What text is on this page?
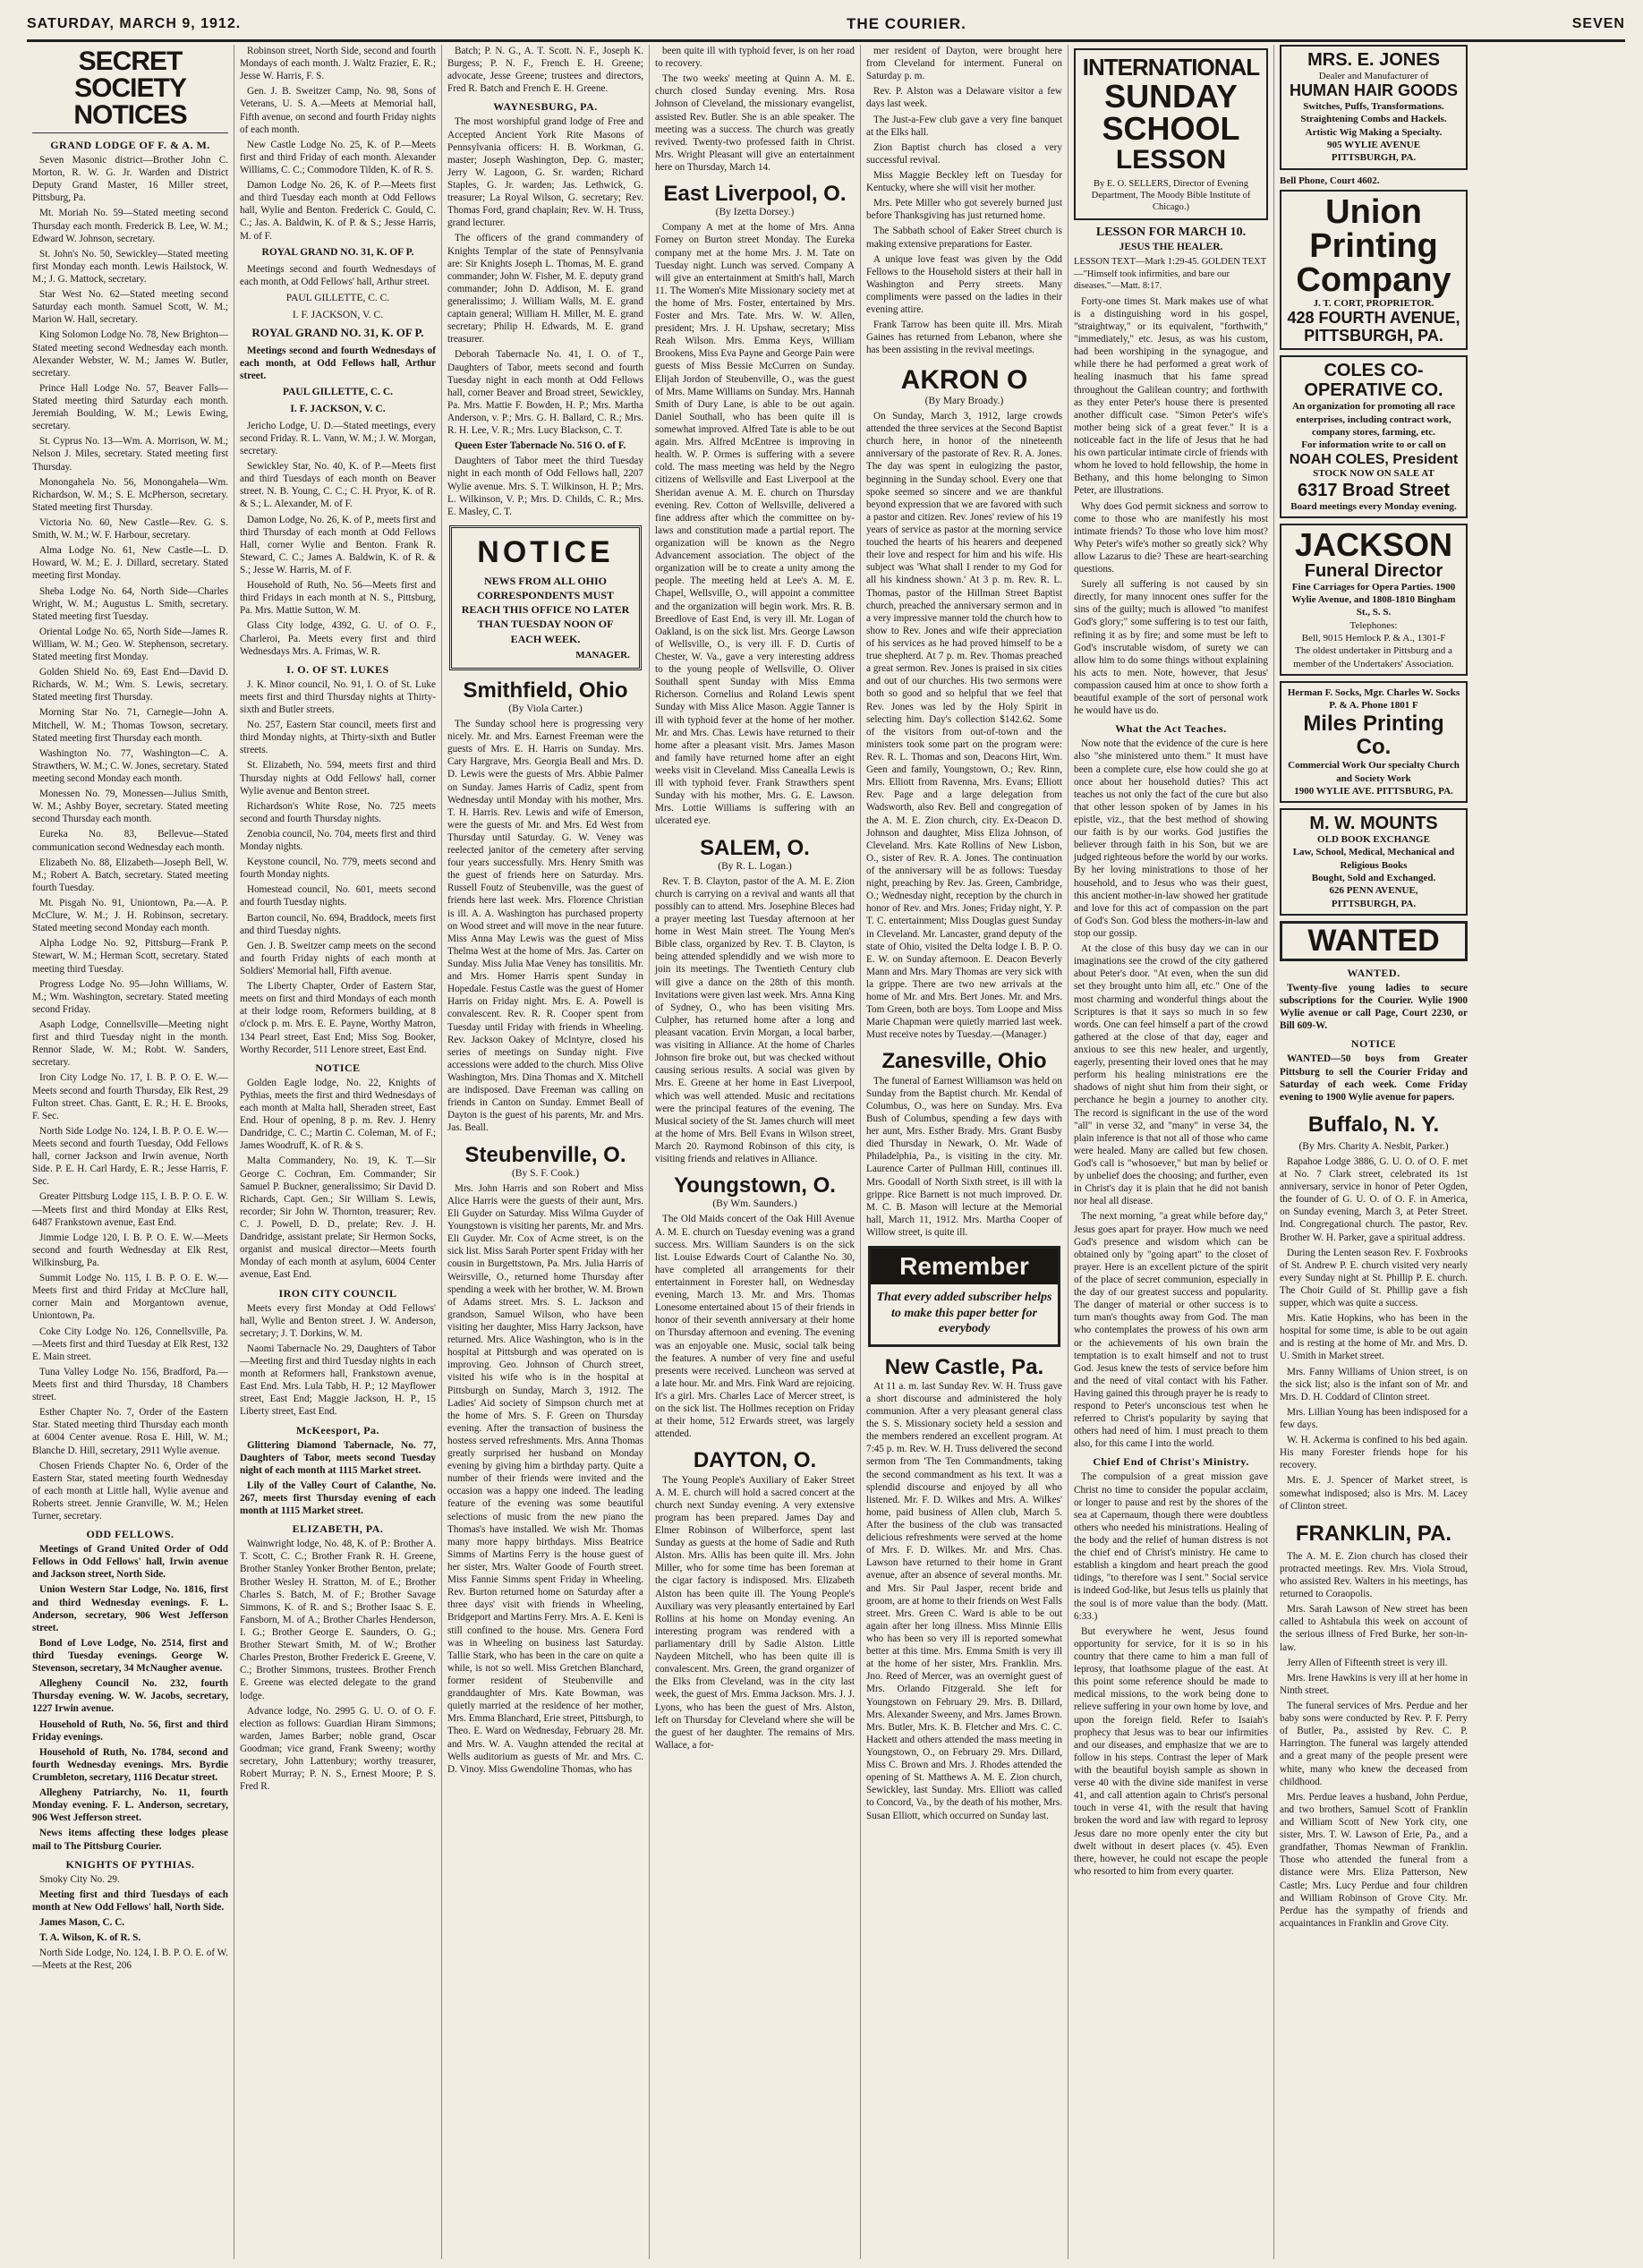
SATURDAY, MARCH 9, 1912.	THE COURIER.	SEVEN
SECRET SOCIETY NOTICES
GRAND LODGE OF F. & A. M.

Seven Masonic district—Brother John C. Morton, R. W. G. Jr. Warden and District Deputy Grand Master, 16 Miller street, Pittsburg, Pa.

Mt. Moriah No. 59—Stated meeting second Thursday each month. Frederick B. Lee, W. M.; Edward W. Johnson, secretary.

St. John's No. 50, Sewickley—Stated meeting first Monday each month. Lewis Hailstock, W. M.; J. G. Mattock, secretary.

Star West No. 62—Stated meeting second Saturday each month. Samuel Scott, W. M.; Marion W. Hall, secretary.

King Solomon Lodge No. 78, New Brighton—Stated meeting second Wednesday each month. Alexander Webster, W. M.; James W. Butler, secretary.

Prince Hall Lodge No. 57, Beaver Falls—Stated meeting third Saturday each month. Jeremiah Boulding, W. M.; Lewis Ewing, secretary.

St. Cyprus No. 13—Wm. A. Morrison, W. M.; Nelson J. Miles, secretary. Stated meeting first Thursday.

Monongahela No. 56, Monongahela—Wm. Richardson, W. M.; S. E. McPherson, secretary. Stated meeting first Thursday.

Victoria No. 60, New Castle—Rev. G. S. Smith, W. M.; W. F. Harbour, secretary.

Alma Lodge No. 61, New Castle—L. D. Howard, W. M.; E. J. Dillard, secretary. Stated meeting first Monday.

Sheba Lodge No. 64, North Side—Charles Wright, W. M.; Augustus L. Smith, secretary. Stated meeting first Tuesday.

Oriental Lodge No. 65, North Side—James R. William, W. M.; Geo. W. Stephenson, secretary. Stated meeting first Monday.

Golden Shield No. 69, East End—David D. Richards, W. M.; Wm. S. Lewis, secretary. Stated meeting first Thursday.

Morning Star No. 71, Carnegie—John A. Mitchell, W. M.; Thomas Towson, secretary. Stated meeting first Thursday each month.

Washington No. 77, Washington—C. A. Strawthers, W. M.; C. W. Jones, secretary. Stated meeting second Monday each month.

Monessen No. 79, Monessen—Julius Smith, W. M.; Ashby Boyer, secretary. Stated meeting second Thursday each month.

Eureka No. 83, Bellevue—Stated communication second Wednesday each month.

Elizabeth No. 88, Elizabeth—Joseph Bell, W. M.; Robert A. Batch, secretary. Stated meeting fourth Tuesday.

Mt. Pisgah No. 91, Uniontown, Pa.—A. P. McClure, W. M.; J. H. Robinson, secretary. Stated meeting second Monday each month.

Alpha Lodge No. 92, Pittsburg—Frank P. Stewart, W. M.; Herman Scott, secretary. Stated meeting third Tuesday.

Progress Lodge No. 95—John Williams, W. M.; Wm. Washington, secretary. Stated meeting second Friday.

Asaph Lodge, Connellsville—Meeting night first and third Tuesday night in the month. Rennor Slade, W. M.; Robt. W. Sanders, secretary.

Iron City Lodge No. 17, I. B. P. O. E. W.—Meets second and fourth Thursday, Elk Rest, 29 Fulton street. Chas. Gantt, E. R.; H. E. Brooks, F. Sec.

North Side Lodge No. 124, I. B. P. O. E. W.—Meets second and fourth Tuesday, Odd Fellows hall, corner Jackson and Irwin avenue, North Side. P. E. H. Carl Hardy, E. R.; Jesse Harris, F. Sec.

Greater Pittsburg Lodge 115, I. B. P. O. E. W.—Meets first and third Monday at Elks Rest, 6487 Frankstown avenue, East End.

Jimmie Lodge 120, I. B. P. O. E. W.—Meets second and fourth Wednesday at Elk Rest, Wilkinsburg, Pa.

Summit Lodge No. 115, I. B. P. O. E. W.—Meets first and third Friday at McClure hall, corner Main and Morgantown avenue, Uniontown, Pa.

Coke City Lodge No. 126, Connellsville, Pa.—Meets first and third Tuesday at Elk Rest, 132 E. Main street.

Tuna Valley Lodge No. 156, Bradford, Pa.—Meets first and third Thursday, 18 Chambers street.

Esther Chapter No. 7, Order of the Eastern Star. Stated meeting third Thursday each month at 6004 Center avenue. Rosa E. Hill, W. M.; Blanche D. Hill, secretary, 2911 Wylie avenue.

Chosen Friends Chapter No. 6, Order of the Eastern Star, stated meeting fourth Wednesday of each month at Little hall, Wylie avenue and Roberts street. Jennie Granville, W. M.; Helen Turner, secretary.

ODD FELLOWS.

Meetings of Grand United Order of Odd Fellows in Odd Fellows' hall, Irwin avenue and Jackson street, North Side.

Union Western Star Lodge, No. 1816, first and third Wednesday evenings. F. L. Anderson, secretary, 906 West Jefferson street.

Bond of Love Lodge, No. 2514, first and third Tuesday evenings. George W. Stevenson, secretary, 34 McNaugher avenue.

Allegheny Council No. 232, fourth Thursday evening. W. W. Jacobs, secretary, 1227 Irwin avenue.

Household of Ruth, No. 56, first and third Friday evenings.

Household of Ruth, No. 1784, second and fourth Wednesday evenings. Mrs. Byrdie Crumbleton, secretary, 1116 Decatur street.

Allegheny Patriarchy, No. 11, fourth Monday evening. F. L. Anderson, secretary, 906 West Jefferson street.

News items affecting these lodges please mail to The Pittsburg Courier.

KNIGHTS OF PYTHIAS.

Smoky City No. 29.

Meeting first and third Tuesdays of each month at New Odd Fellows' hall, North Side.

James Mason, C. C.

T. A. Wilson, K. of R. S.

North Side Lodge, No. 124, I. B. P. O. E. of W.—Meets at the Rest, 206

Robinson street, North Side, second and fourth Mondays of each month. J. Waltz Frazier, E. R.; Jesse W. Harris, F. S.

Gen. J. B. Sweitzer Camp, No. 98, Sons of Veterans, U. S. A.—Meets at Memorial hall, Fifth avenue, on second and fourth Friday nights of each month.

New Castle Lodge No. 25, K. of P.—Meets first and third Friday of each month. Alexander Williams, C. C.; Commodore Tilden, K. of R. S.

Damon Lodge No. 26, K. of P.—Meets first and third Tuesday each month at Odd Fellows hall, Wylie and Benton. Frederick C. Gould, C. C.; Jas. A. Baldwin, K. of P. & S.; Jesse Harris, M. of F.

ROYAL GRAND NO. 31, K. OF P.

Meetings second and fourth Wednesdays of each month, at Odd Fellows' hall, Arthur street.

PAUL GILLETTE, C. C.
I. F. JACKSON, V. C.
ROYAL GRAND NO. 31, K. OF P.

Meetings second and fourth Wednesdays of each month, at Odd Fellows hall, Arthur street.

PAUL GILLETTE, C. C.
I. F. JACKSON, V. C.

Jericho Lodge, U. D.—Stated meetings, every second Friday. R. L. Vann, W. M.; J. W. Morgan, secretary.

Sewickley Star, No. 40, K. of P.—Meets first and third Tuesdays of each month on Beaver street. N. B. Young, C. C.; C. H. Pryor, K. of R. & S.; L. Alexander, M. of F.

Damon Lodge, No. 26, K. of P., meets first and third Thursday of each month at Odd Fellows Hall, corner Wylie and Benton. Frank R. Steward, C. C.; James A. Baldwin, K. of R. & S.; Jesse W. Harris, M. of F.

Household of Ruth, No. 56—Meets first and third Fridays in each month at N. S., Pittsburg, Pa. Mrs. Mattie Sutton, W. M.

Glass City lodge, 4392, G. U. of O. F., Charleroi, Pa. Meets every first and third Wednesdays Mrs. A. Frimas, W. R.

I. O. OF ST. LUKES

J. K. Minor council, No. 91, I. O. of St. Luke meets first and third Thursday nights at Thirty-sixth and Butler streets.

No. 257, Eastern Star council, meets first and third Monday nights, at Thirty-sixth and Butler streets.

St. Elizabeth, No. 594, meets first and third Thursday nights at Odd Fellows' hall, corner Wylie avenue and Benton street.

Richardson's White Rose, No. 725 meets second and fourth Thursday nights.

Zenobia council, No. 704, meets first and third Monday nights.

Keystone council, No. 779, meets second and fourth Monday nights.

Homestead council, No. 601, meets second and fourth Tuesday nights.

Barton council, No. 694, Braddock, meets first and third Tuesday nights.

Gen. J. B. Sweitzer camp meets on the second and fourth Friday nights of each month at Soldiers' Memorial hall, Fifth avenue.

The Liberty Chapter, Order of Eastern Star, meets on first and third Mondays of each month at their lodge room, Reformers building, at 8 o'clock p. m. Mrs. E. E. Payne, Worthy Matron, 134 Pearl street, East End; Miss Sog. Booker, Worthy Recorder, 511 Lenore street, East End.

NOTICE

Golden Eagle lodge, No. 22, Knights of Pythias, meets the first and third Wednesdays of each month at Malta hall, Sheraden street, East End. Hour of opening, 8 p. m. Rev. J. Henry Dandridge, C. C.; Martin C. Coleman, M. of F.; James Woodruff, K. of R. & S.

Malta Commandery, No. 19, K. T.—Sir George C. Cochran, Em. Commander; Sir Samuel P. Buckner, generalissimo; Sir David D. Richards, Capt. Gen.; Sir William S. Lewis, recorder; Sir John W. Thornton, treasurer; Rev. C. J. Powell, D. D., prelate; Rev. J. H. Dandridge, assistant prelate; Sir Hermon Socks, organist and musical director—Meets fourth Monday of each month at asylum, 6004 Center avenue, East End.

IRON CITY COUNCIL

Meets every first Monday at Odd Fellows' hall, Wylie and Benton street. J. W. Anderson, secretary; J. T. Dorkins, W. M.

Naomi Tabernacle No. 29, Daughters of Tabor—Meeting first and third Tuesday nights in each month at Reformers hall, Frankstown avenue, East End. Mrs. Lula Tabb, H. P.; 12 Mayflower street, East End; Maggie Jackson, H. P., 15 Liberty street, East End.

McKeesport, Pa.

Glittering Diamond Tabernacle, No. 77, Daughters of Tabor, meets second Tuesday night of each month at 1115 Market street.

Lily of the Valley Court of Calanthe, No. 267, meets first Thursday evening of each month at 1115 Market street.

ELIZABETH, PA.

Wainwright lodge, No. 48, K. of P.: Brother A. T. Scott, C. C.; Brother Frank R. H. Greene, Brother Stanley Yonker Brother Benton, prelate; Brother Wesley H. Stratton, M. of E.; Brother Charles S. Batch, M. of F.; Brother Savage Simmons, K. of R. and S.; Brother Isaac S. E. Fansborn, M. of A.; Brother Charles Henderson, I. G.; Brother George E. Saunders, O. G.; Brother Stewart Smith, M. of W.; Brother Charles Preston, Brother Frederick E. Greene, V. C.; Brother Simmons, trustees. Brother French E. Greene was elected delegate to the grand lodge.

Advance lodge, No. 2995 G. U. O. of O. F. election as follows: Guardian Hiram Simmons; warden, James Barber; noble grand, Oscar Goodman; vice grand, Frank Sweeny; worthy secretary, John Lattenbury; worthy treasurer, Robert Murray; P. N. S., Ernest Moore; P. S. Fred R.

Batch; P. N. G., A. T. Scott. N. F., Joseph K. Burgess; P. N. F., French E. H. Greene; advocate, Jesse Greene; trustees and directors, Fred R. Batch and French E. H. Greene.

WAYNESBURG, PA.

The most worshipful grand lodge of Free and Accepted Ancient York Rite Masons of Pennsylvania officers: H. B. Workman, G. master; Joseph Washington, Dep. G. master; Jerry W. Lagoon, G. Sr. warden; Richard Staples, G. Jr. warden; Jas. Lethwick, G. treasurer; La Royal Wilson, G. secretary; Rev. Thomas Ford, grand chaplain; Rev. W. H. Truss, grand lecturer.

The officers of the grand commandery of Knights Templar of the state of Pennsylvania are: Sir Knights Joseph L. Thomas, M. E. grand commander; John W. Fisher, M. E. deputy grand commander; John D. Addison, M. E. grand generalissimo; J. William Walls, M. E. grand captain general; William H. Miller, M. E. grand secretary; Philip H. Edwards, M. E. grand treasurer.

Deborah Tabernacle No. 41, I. O. of T., Daughters of Tabor, meets second and fourth Tuesday night in each month at Odd Fellows hall, corner Beaver and Broad street, Sewickley, Pa. Mrs. Mattie F. Bowden, H. P.; Mrs. Martha Anderson, v. P.; Mrs. G. H. Ballard, C. R.; Mrs. R. H. Lee, V. R.; Mrs. Lucy Blackson, C. T.

Queen Ester Tabernacle No. 516 O. of F.

Daughters of Tabor meet the third Tuesday night in each month of Odd Fellows hall, 2207 Wylie avenue. Mrs. S. T. Wilkinson, H. P.; Mrs. L. Wilkinson, V. P.; Mrs. D. Childs, C. R.; Mrs. E. Masley, C. T.

NOTICE
NEWS FROM ALL OHIO CORRESPONDENTS MUST REACH THIS OFFICE NO LATER THAN TUESDAY NOON OF EACH WEEK.
MANAGER.
Smithfield, Ohio
(By Viola Carter.)

The Sunday school here is progressing very nicely. Mr. and Mrs. Earnest Freeman were the guests of Mrs. E. H. Harris on Sunday. Mrs. Cary Hargrave, Mrs. Georgia Beall and Mrs. D. D. Lewis were the guests of Mrs. Abbie Palmer on Sunday. James Harris of Cadiz, spent from Wednesday until Monday with his mother, Mrs. T. H. Harris. Rev. Lewis and wife of Emerson, were the guests of Mr. and Mrs. Ed West from Thursday until Saturday. G. W. Veney was reelected janitor of the cemetery after serving four years successfully. Mrs. Henry Smith was the guest of friends here on Saturday. Mrs. Russell Foutz of Steubenville, was the guest of friends here last week. Mrs. Florence Christian is ill. A. A. Washington has purchased property on Wood street and will move in the near future. Miss Anna May Lewis was the guest of Miss Thelma West at the home of Mrs. Jas. Carter on Sunday. Miss Julia Mae Veney has tonsilitis. Mr. and Mrs. Homer Harris spent Sunday in Hopedale. Festus Castle was the guest of Homer Harris on Friday night. Mrs. E. A. Powell is convalescent. Rev. R. R. Cooper spent from Tuesday until Friday with friends in Wheeling. Rev. Jackson Oakey of McIntyre, closed his series of meetings on Sunday night. Five accessions were added to the church. Miss Olive Washington, Mrs. Dina Thomas and X. Mitchell are indisposed. Dave Freeman was calling on friends in Canton on Sunday. Emmet Beall of Dayton is the guest of his parents, Mr. and Mrs. Jas. Beall.

Steubenville, O.
(By S. F. Cook.)

Mrs. John Harris and son Robert and Miss Alice Harris were the guests of their aunt, Mrs. Eli Guyder on Saturday. Miss Wilma Guyder of Youngstown is visiting her parents, Mr. and Mrs. Eli Guyder. Mr. Cox of Acme street, is on the sick list. Miss Sarah Porter spent Friday with her cousin in Burgettstown, Pa. Mrs. Julia Harris of Weirsville, O., returned home Thursday after spending a week with her brother, W. M. Brown of Adams street. Mrs. S. L. Jackson and grandson, Samuel Wilson, who have been visiting her daughter, Miss Harry Jackson, have returned. Mrs. Alice Washington, who is in the hospital at Pittsburgh and was operated on is improving. Geo. Johnson of Church street, visited his wife who is in the hospital at Pittsburgh on Sunday, March 3, 1912. The Ladies' Aid society of Simpson church met at the home of Mrs. S. F. Green on Thursday evening. After the transaction of business the hostess served refreshments. Mrs. Anna Thomas greatly surprised her husband on Monday evening by giving him a birthday party. Quite a number of their friends were invited and the occasion was a happy one indeed. The leading feature of the evening was some beautiful selections of music from the new piano the Thomas's have installed. We wish Mr. Thomas many more happy birthdays. Miss Beatrice Simms of Martins Ferry is the house guest of her sister, Mrs. Walter Goode of Fourth street. Miss Fannie Simms spent Friday in Wheeling. Rev. Burton returned home on Saturday after a three days' visit with friends in Wheeling, Bridgeport and Martins Ferry. Mrs. A. E. Keni is still confined to the house. Mrs. Genera Ford was in Wheeling on business last Saturday. Tallie Stark, who has been in the care on quite a while, is not so well. Miss Gretchen Blanchard, former resident of Steubenville and granddaughter of Mrs. Kate Bowman, was quietly married at the residence of her mother, Mrs. Emma Blanchard, Erie street, Pittsburgh, to Theo. E. Ward on Wednesday, February 28. Mr. and Mrs. W. A. Vaughn attended the recital at Wells auditorium as guests of Mr. and Mrs. C. D. Vinoy. Miss Gwendoline Thomas, who has

been quite ill with typhoid fever, is on her road to recovery.

The two weeks' meeting at Quinn A. M. E. church closed Sunday evening. Mrs. Rosa Johnson of Cleveland, the missionary evangelist, assisted Rev. Butler. She is an able speaker. The meeting was a success. The church was greatly revived. Twenty-two professed faith in Christ. Mrs. Wright Pleasant will give an entertainment here on Thursday, March 14.

East Liverpool, O.
(By Izetta Dorsey.)

Company A met at the home of Mrs. Anna Forney on Burton street Monday. The Eureka company met at the home Mrs. J. M. Tate on Tuesday night. Lunch was served. Company A will give an entertainment at Smith's hall, March 11. The Women's Mite Missionary society met at the home of Mrs. Foster, entertained by Mrs. Foster and Mrs. Tate. Mrs. W. W. Allen, president; Mrs. J. H. Upshaw, secretary; Miss Reah Wilson. Mrs. Emma Keys, William Brookens, Miss Eva Payne and George Pain were guests of Miss Bessie McCurren on Sunday. Elijah Jordon of Steubenville, O., was the guest of Mrs. Mame Williams on Sunday. Mrs. Hannah Smith of Dury Lane, is able to be out again. Daniel Southall, who has been quite ill is somewhat improved. Alfred Tate is able to be out again. Mrs. Alfred McEntree is improving in health. W. P. Ormes is suffering with a severe cold. The mass meeting was held by the Negro citizens of Wellsville and East Liverpool at the Sheridan avenue A. M. E. church on Thursday evening. Rev. Cotton of Wellsville, delivered a fine address after which the committee on by-laws and constitution made a partial report. The organization will be known as the Negro Advancement association. The object of the organization will be to create a unity among the people. The meeting held at Lee's A. M. E. Chapel, Wellsville, O., will appoint a committee and the organization will begin work. Mrs. R. B. Breedlove of East End, is very ill. Mr. Logan of Oakland, is on the sick list. Mrs. George Lawson of Wellsville, O., is very ill. F. D. Curtis of Chester, W. Va., gave a very interesting address to the young people of Wellsville, O. Oliver Southall spent Sunday with Miss Emma Richerson. Cornelius and Roland Lewis spent Sunday with Miss Alice Mason. Aggie Tanner is ill with typhoid fever at the home of her mother. Mr. and Mrs. Chas. Lewis have returned to their home after a pleasant visit. Mrs. James Mason and family have returned home after an eight weeks visit in Cleveland. Miss Canealla Lewis is ill with typhoid fever. Frank Strawthers spent Sunday with his mother, Mrs. G. E. Lawson. Mrs. Lottie Williams is suffering with an ulcerated eye.

SALEM, O.
(By R. L. Logan.)

Rev. T. B. Clayton, pastor of the A. M. E. Zion church is carrying on a revival and wants all that possibly can to attend. Mrs. Josephine Bleces had a prayer meeting last Tuesday afternoon at her home in West Main street. The Young Men's Bible class, organized by Rev. T. B. Clayton, is being attended splendidly and we wish more to join its meetings. The Twentieth Century club will give a dance on the 28th of this month. Invitations were given last week. Mrs. Anna King of Sydney, O., who has been visiting Mrs. Culpher, has returned home after a long and pleasant vacation. Ervin Morgan, a local barber, was visiting in Alliance. At the home of Charles Johnson fire broke out, but was checked without causing serious results. A social was given by Mrs. E. Greene at her home in East Liverpool, which was well attended. Music and recitations were the principal features of the evening. The Musical society of the St. James church will meet at the home of Mrs. Bell Evans in Wilson street, March 20. Raymond Robinson of this city, is visiting friends and relatives in Alliance.

Youngstown, O.
(By Wm. Saunders.)

The Old Maids concert of the Oak Hill Avenue A. M. E. church on Tuesday evening was a grand success. Mrs. William Saunders is on the sick list. Louise Edwards Court of Calanthe No. 30, have completed all arrangements for their entertainment in Forester hall, on Wednesday evening, March 13. Mr. and Mrs. Thomas Lonesome entertained about 15 of their friends in honor of their seventh anniversary at their home on Thursday afternoon and evening. The evening was an enjoyable one. Music, social talk being the features. A number of very fine and useful presents were received. Luncheon was served at a late hour. Mr. and Mrs. Fink Ward are rejoicing. It's a girl. Mrs. Charles Lace of Mercer street, is on the sick list. The Hollmes reception on Friday at their home, 512 Erwards street, was largely attended.

DAYTON, O.

The Young People's Auxiliary of Eaker Street A. M. E. church will hold a sacred concert at the church next Sunday evening. A very extensive program has been prepared. James Day and Elmer Robinson of Wilberforce, spent last Sunday as guests at the home of Sadie and Ruth Alston. Mrs. Allis has been quite ill. Mrs. John Miller, who for some time has been foreman at the cigar factory is indisposed. Mrs. Elizabeth Alston has been quite ill. The Young People's Auxiliary was very pleasantly entertained by Earl Rollins at his home on Monday evening. An interesting program was rendered with a parliamentary drill by Sadie Alston. Little Naydeen Mitchell, who has been quite ill is convalescent. Mrs. Green, the grand organizer of the Elks from Cleveland, was in the city last week, the guest of Mrs. Emma Jackson. Mrs. J. J. Lyons, who has been the guest of Mrs. Alston, left on Thursday for Cleveland where she will be the guest of her daughter. The remains of Mrs. Wallace, a for-

mer resident of Dayton, were brought here from Cleveland for interment. Funeral on Saturday p. m.

Rev. P. Alston was a Delaware visitor a few days last week.

The Just-a-Few club gave a very fine banquet at the Elks hall.

Zion Baptist church has closed a very successful revival.

Miss Maggie Beckley left on Tuesday for Kentucky, where she will visit her mother.

Mrs. Pete Miller who got severely burned just before Thanksgiving has just returned home.

The Sabbath school of Eaker Street church is making extensive preparations for Easter.

A unique love feast was given by the Odd Fellows to the Household sisters at their hall in Washington and Perry streets. Many compliments were passed on the ladies in their evening attire.

Frank Tarrow has been quite ill. Mrs. Mirah Gaines has returned from Lebanon, where she has been assisting in the revival meetings.

AKRON O
(By Mary Broady.)

On Sunday, March 3, 1912, large crowds attended the three services at the Second Baptist church here, in honor of the nineteenth anniversary of the pastorate of Rev. R. A. Jones. The day was spent in eulogizing the pastor, beginning in the Sunday school. Every one that spoke seemed so sincere and we are thankful beyond expression that we are favored with such a pastor and citizen. Rev. Jones' review of his 19 years of service as pastor at the morning service touched the hearts of his hearers and deepened their love and respect for him and his wife. His subject was 'What shall I render to my God for all his kindness shown.' At 3 p. m. Rev. R. L. Thomas, pastor of the Hillman Street Baptist church, preached the anniversary sermon and in a very impressive manner told the church how to show to Rev. Jones and wife their appreciation of his services as he had proved himself to be a true shepherd. At 7 p. m. Rev. Thomas preached a great sermon. Rev. Jones is praised in six cities and out of our churches. His two sermons were both so good and so helpful that we feel that Rev. Jones was led by the Holy Spirit in selecting him. Day's collection $142.62. Some of the visitors from out-of-town and the ministers took some part on the program were: Rev. R. L. Thomas and son, Deacons Hirt, Wm. Geen and family, Youngstown, O.; Rev. Rinn, Mrs. Elliott from Ravenna, Mrs. Evans; Elliott Rev. Page and a large delegation from Wadsworth, also Rev. Bell and congregation of the A. M. E. Zion church, city. Ex-Deacon D. Johnson and daughter, Miss Eliza Johnson, of Cleveland. Mrs. Kate Rollins of New Lisbon, O., sister of Rev. R. A. Jones. The continuation of the anniversary will be as follows: Tuesday night, preaching by Rev. Jas. Green, Cambridge, O.; Wednesday night, reception by the church in honor of Rev. and Mrs. Jones; Friday night, Y. P. T. C. entertainment; Miss Douglas guest Sunday in Cleveland. Mr. Lancaster, grand deputy of the state of Ohio, visited the Delta lodge I. B. P. O. E. W. on Sunday afternoon. E. Deacon Beverly Mann and Mrs. Mary Thomas are very sick with la grippe. There are two new arrivals at the home of Mr. and Mrs. Bert Jones. Mr. and Mrs. Tom Green, both are boys. Tom Loope and Miss Marie Chapman were quietly married last week. Must receive notes by Tuesday.—(Manager.)

Zanesville, Ohio

The funeral of Earnest Williamson was held on Sunday from the Baptist church. Mr. Kendal of Columbus, O., was here on Sunday. Mrs. Eva Bush of Columbus, spending a few days with her aunt, Mrs. Esther Brady. Mrs. Grant Busby died Thursday in Newark, O. Mr. Wade of Philadelphia, Pa., is visiting in the city. Mr. Laurence Carter of Pullman Hill, continues ill. Mrs. Goodall of North Sixth street, is ill with la grippe. Rice Barnett is not much improved. Dr. M. C. B. Mason will lecture at the Memorial hall, March 11, 1912. Mrs. Martha Cooper of Willow street, is quite ill.

Remember
That every added subscriber helps to make this paper better for everybody
New Castle, Pa.

At 11 a. m. last Sunday Rev. W. H. Truss gave a short discourse and administered the holy communion. After a very pleasant general class the S. S. Missionary society held a session and the members rendered an excellent program. At 7:45 p. m. Rev. W. H. Truss delivered the second sermon from 'The Ten Commandments, taking the second commandment as his text. It was a splendid discourse and enjoyed by all who listened. Mr. F. D. Wilkes and Mrs. A. Wilkes' home, paid business of Allen club, March 5. After the business of the club was transacted delicious refreshments were served at the home of Mrs. F. D. Wilkes. Mr. and Mrs. Chas. Lawson have returned to their home in Grant avenue, after an absence of several months. Mr. and Mrs. Sir Paul Jasper, recent bride and groom, are at home to their friends on West Falls street. Mrs. Green C. Ward is able to be out again after her long illness. Miss Minnie Ellis who has been so very ill is reported somewhat better at this time. Mrs. Emma Smith is very ill at the home of her sister, Mrs. Franklin. Mrs. Jno. Reed of Mercer, was an overnight guest of Mrs. Orlando Fitzgerald. She left for Youngstown on February 29. Mrs. B. Dillard, Mrs. Alexander Sweeny, and Mrs. James Brown. Mrs. Butler, Mrs. K. B. Fletcher and Mrs. C. C. Hackett and others attended the mass meeting in Youngstown, O., on February 29. Mrs. Dillard, Miss C. Brown and Mrs. J. Rhodes attended the opening of St. Matthews A. M. E. Zion church, Sewickley, last Sunday. Mrs. Elliott was called to Concord, Va., by the death of his mother, Mrs. Susan Elliott, which occurred on Sunday last.

INTERNATIONAL
SUNDAY SCHOOL
LESSON
By E. O. SELLERS, Director of Evening Department, The Moody Bible Institute of Chicago.)
LESSON FOR MARCH 10.
JESUS THE HEALER.

LESSON TEXT—Mark 1:29-45. GOLDEN TEXT—"Himself took infirmities, and bare our diseases."—Matt. 8:17.

Forty-one times St. Mark makes use of what is a distinguishing word in his gospel, "straightway," or its equivalent, "forthwith," "immediately," etc. Jesus, as was his custom, had been worshiping in the synagogue, and while there he had performed a great work of healing inasmuch that his fame spread throughout the Galilean country; and forthwith as they enter Peter's house there is presented another difficult case. "Simon Peter's wife's mother being sick of a great fever." It is a noticeable fact in the life of Jesus that he had his own particular intimate circle of friends with whom he loved to hold fellowship, the home in Bethany, and this home belonging to Simon Peter, are illustrations.

Why does God permit sickness and sorrow to come to those who are manifestly his most intimate friends? To those who love him most? Why Peter's wife's mother so greatly sick? Why allow Lazarus to die? These are heart-searching questions.

Surely all suffering is not caused by sin directly, for many innocent ones suffer for the sins of the guilty; much is allowed "to manifest God's glory;" some suffering is to test our faith, refining it as by fire; and some must be left to God's inscrutable wisdom, of surety we can allow him to do some things without explaining his acts to men. Note, however, that Jesus' compassion caused him at once to show forth a beautiful example of the sort of personal work he would have us do.

What the Act Teaches.

Now note that the evidence of the cure is here also "she ministered unto them." It must have been a complete cure, else how could she go at once about her household duties? This act teaches us not only the fact of the cure but also that other lesson spoken of by James in his epistle, viz., that the best method of showing our faith is by our works. God justifies the believer through faith in his Son, but we are judged righteous before the world by our works. By her loving ministrations to those of her household, and to Jesus who was their guest, this ancient mother-in-law showed her gratitude and love for this act of compassion on the part of God's Son. God bless the mothers-in-law and stop our gossip.

At the close of this busy day we can in our imaginations see the crowd of the city gathered about Peter's door. "At even, when the sun did set they brought unto him all, etc." One of the most charming and wonderful things about the Scriptures is that it says so much in so few words. One can feel himself a part of the crowd gathered at the close of that day, eager and anxious to see this new healer, and urgently, eagerly, presenting their loved ones that he may perform his healing ministrations ere the shadows of night shut him from their sight, or perchance he begin a journey to another city. The record is significant in the use of the word "all" in verse 32, and "many" in verse 34, the plain inference is that not all of those who came were healed. Many are called but few chosen. God's call is "whosoever," but man by belief or by unbelief does the choosing; and further, even in Christ's day it is plain that he did not banish nor heal all disease.

The next morning, "a great while before day," Jesus goes apart for prayer. How much we need God's presence and wisdom which can be obtained only by "going apart" to the closet of prayer. Here is an excellent picture of the spirit of the place of secret communion, especially in the day of our greatest success and popularity. The danger of material or other success is to turn man's thoughts away from God. The man who contemplates the prowess of his own arm or the achievements of his own brain the temptation is to exalt himself and not to trust God. Jesus knew the tests of service before him and the need of vital contact with his Father. Having gained this through prayer he is ready to respond to Peter's unconscious test when he referred to Christ's popularity by saying that others had need of him. I must preach to them also, for this came I into the world.

Chief End of Christ's Ministry.

The compulsion of a great mission gave Christ no time to consider the popular acclaim, or longer to pause and rest by the shores of the sea at Capernaum, though there were doubtless others who needed his ministrations. Healing of the body and the relief of human distress is not the chief end of Christ's ministry. He came to establish a kingdom and heart preach the good tidings, "to therefore was I sent." Social service is indeed God-like, but Jesus tells us plainly that the soul is of more value than the body. (Matt. 6:33.)

But everywhere he went, Jesus found opportunity for service, for it is so in his country that there came to him a man full of leprosy, that loathsome plague of the east. At this point some reference should be made to medical missions, to the work being done to relieve suffering in your own home by love, and upon the foreign field. Refer to Isaiah's prophecy that Jesus was to bear our infirmities and our diseases, and emphasize that we are to follow in his steps. Contrast the leper of Mark with the beautiful boyish sample as shown in verse 40 with the divine side manifest in verse 41, and call attention again to Christ's personal touch in verse 41, with the result that having broken the word and law with regard to leprosy Jesus dare no more openly enter the city but dwelt without in desert places (v. 45). Even there, however, he could not escape the people who resorted to him from every quarter.

MRS. E. JONES
Dealer and Manufacturer of
HUMAN HAIR GOODS
Switches, Puffs, Transformations. Straightening Combs and Hackels. Artistic Wig Making a Specialty.
905 WYLIE AVENUE
PITTSBURGH, PA.
Bell Phone, Court 4602.
Union
Printing
Company
J. T. CORT, PROPRIETOR.
428 FOURTH AVENUE,
PITTSBURGH, PA.
COLES CO-OPERATIVE CO.
An organization for promoting all race enterprises, including contract work, company stores, farming, etc.
For information write to or call on
NOAH COLES, President
STOCK NOW ON SALE AT
6317 Broad Street
Board meetings every Monday evening.
JACKSON
Funeral Director
Fine Carriages for Opera Parties. 1900 Wylie Avenue, and 1808-1810 Bingham St., S. S.
Telephones:
Bell, 9015 Hemlock P. & A., 1301-F
The oldest undertaker in Pittsburg and a member of the Undertakers' Association.
Herman F. Socks, Mgr. Charles W. Socks
P. & A. Phone 1801 F
Miles Printing Co.
Commercial Work Our specialty Church and Society Work
1900 WYLIE AVE. PITTSBURG, PA.
M. W. MOUNTS
OLD BOOK EXCHANGE
Law, School, Medical, Mechanical and Religious Books
Bought, Sold and Exchanged.
626 PENN AVENUE,
PITTSBURGH, PA.
WANTED
WANTED.

Twenty-five young ladies to secure subscriptions for the Courier. Wylie 1900 Wylie avenue or call Page, Court 2230, or Bill 609-W.

NOTICE

WANTED—50 boys from Greater Pittsburg to sell the Courier Friday and Saturday of each week. Come Friday evening to 1900 Wylie avenue for papers.

Buffalo, N. Y.
(By Mrs. Charity A. Nesbit, Parker.)

Rapahoe Lodge 3886, G. U. O. of O. F. met at No. 7 Clark street, celebrated its 1st anniversary, service in honor of Peter Ogden, the founder of G. U. O. of O. F. in America, on Sunday evening, March 3, at Peter Street. Ind. Congregational church. The pastor, Rev. Brother W. H. Parker, gave a spiritual address.

During the Lenten season Rev. F. Foxbrooks of St. Andrew P. E. church visited very nearly every Sunday night at St. Phillip P. E. church. The Choir Guild of St. Phillip gave a fish supper, which was quite a success.

Mrs. Katie Hopkins, who has been in the hospital for some time, is able to be out again and is resting at the home of Mr. and Mrs. D. U. Smith in Market street.

Mrs. Fanny Williams of Union street, is on the sick list; also is the infant son of Mr. and Mrs. D. H. Coddard of Clinton street.

Mrs. Lillian Young has been indisposed for a few days.

W. H. Ackerma is confined to his bed again. His many Forester friends hope for his recovery.

Mrs. E. J. Spencer of Market street, is somewhat indisposed; also is Mrs. M. Lacey of Clinton street.

FRANKLIN, PA.

The A. M. E. Zion church has closed their protracted meetings. Rev. Mrs. Viola Stroud, who assisted Rev. Walters in his meetings, has returned to Coraopolis.

Mrs. Sarah Lawson of New street has been called to Ashtabula this week on account of the serious illness of Fred Burke, her son-in-law.

Jerry Allen of Fifteenth street is very ill.

Mrs. Irene Hawkins is very ill at her home in Ninth street.

The funeral services of Mrs. Perdue and her baby sons were conducted by Rev. P. F. Perry of Butler, Pa., assisted by Rev. C. P. Harrington. The funeral was largely attended and a great many of the people present were white, many who knew the deceased from childhood.

Mrs. Perdue leaves a husband, John Perdue, and two brothers, Samuel Scott of Franklin and William Scott of New York city, one sister, Mrs. T. W. Lawson of Erie, Pa., and a grandfather, Thomas Newman of Franklin. Those who attended the funeral from a distance were Mrs. Eliza Patterson, New Castle; Mrs. Lucy Perdue and four children and William Robinson of Grove City. Mr. Perdue has the sympathy of friends and acquaintances in Franklin and Grove City.
